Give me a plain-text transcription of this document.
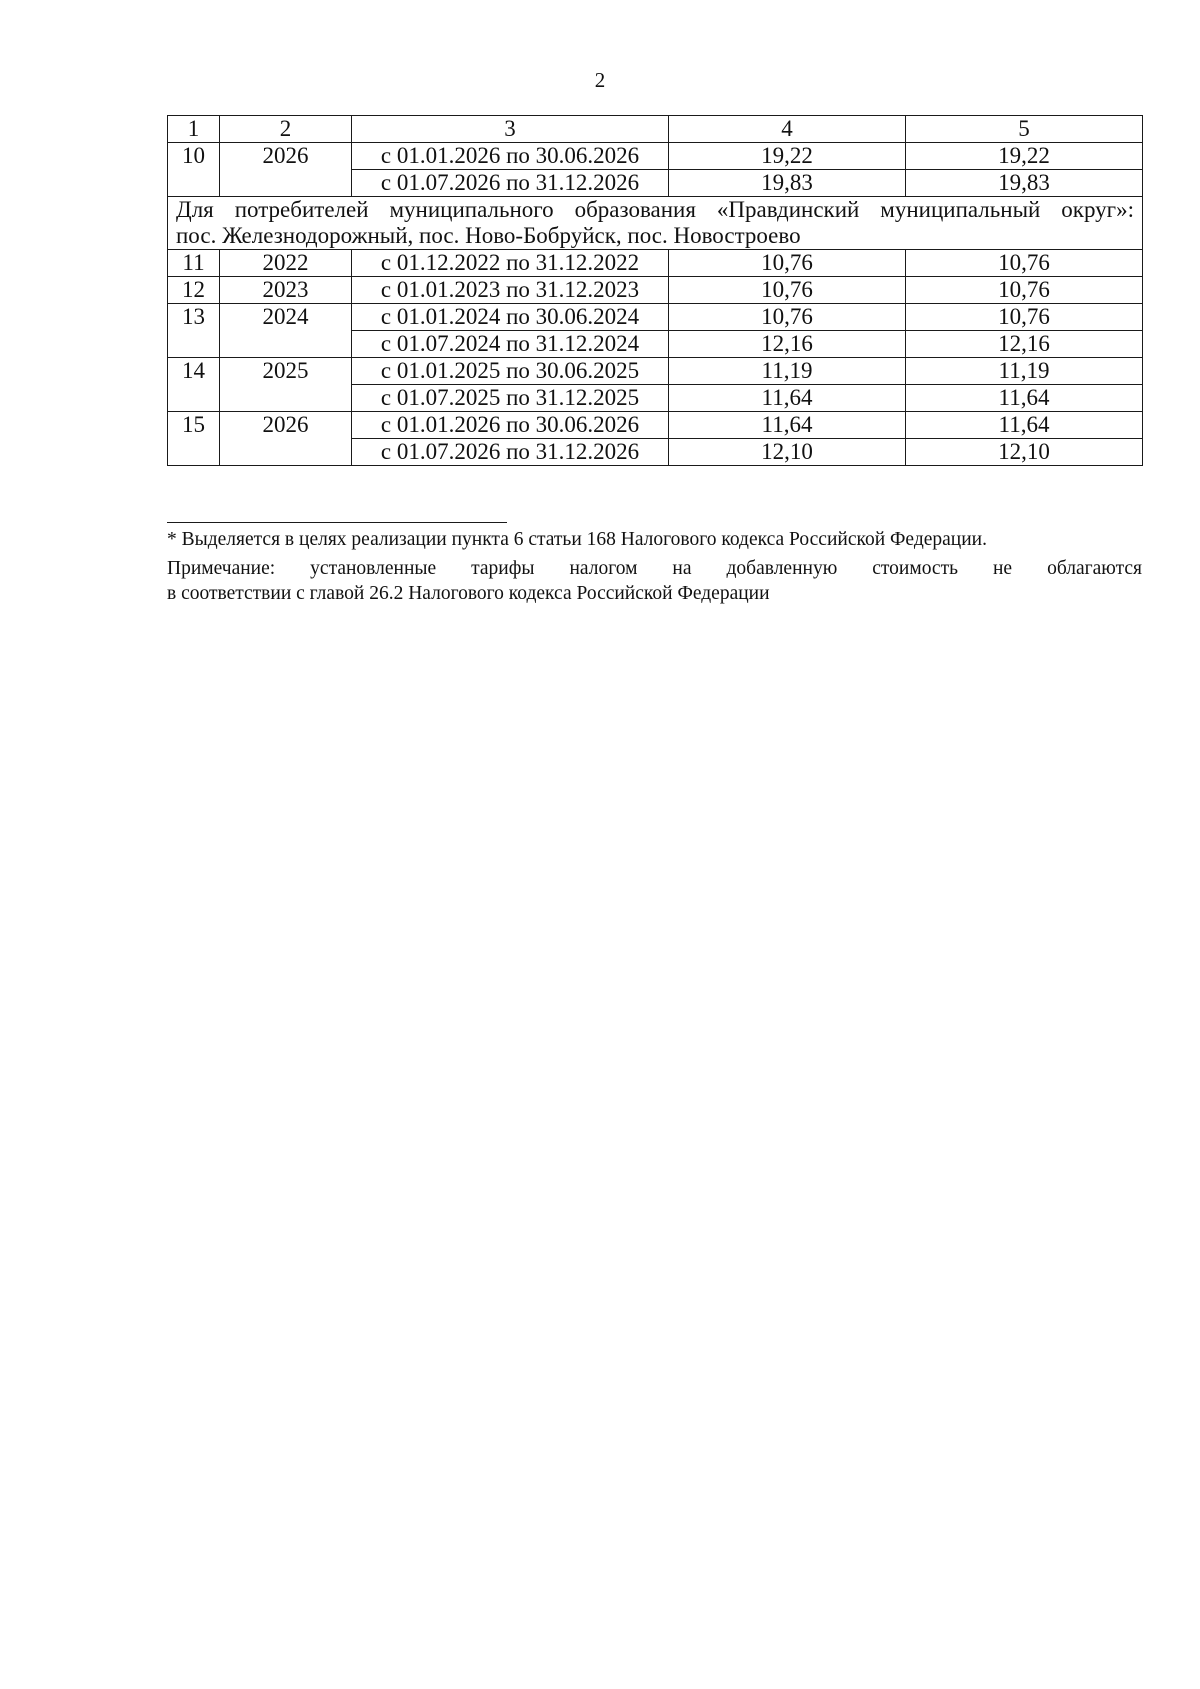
2
1	2	3	4	5
10	2026	с 01.01.2026 по 30.06.2026	19,22	19,22
		с 01.07.2026 по 31.12.2026	19,83	19,83

Для потребителей муниципального образования «Правдинский муниципальный округ»:
пос. Железнодорожный, пос. Ново-Бобруйск, пос. Новостроево				

11	2022	с 01.12.2022 по 31.12.2022	10,76	10,76
12	2023	с 01.01.2023 по 31.12.2023	10,76	10,76
13	2024	с 01.01.2024 по 30.06.2024	10,76	10,76
		с 01.07.2024 по 31.12.2024	12,16	12,16
14	2025	с 01.01.2025 по 30.06.2025	11,19	11,19
		с 01.07.2025 по 31.12.2025	11,64	11,64
15	2026	с 01.01.2026 по 30.06.2026	11,64	11,64
		с 01.07.2026 по 31.12.2026	12,10	12,10
* Выделяется в целях реализации пункта 6 статьи 168 Налогового кодекса Российской Федерации.
Примечание: установленные тарифы налогом на добавленную стоимость не облагаются
в соответствии с главой 26.2 Налогового кодекса Российской Федерации
